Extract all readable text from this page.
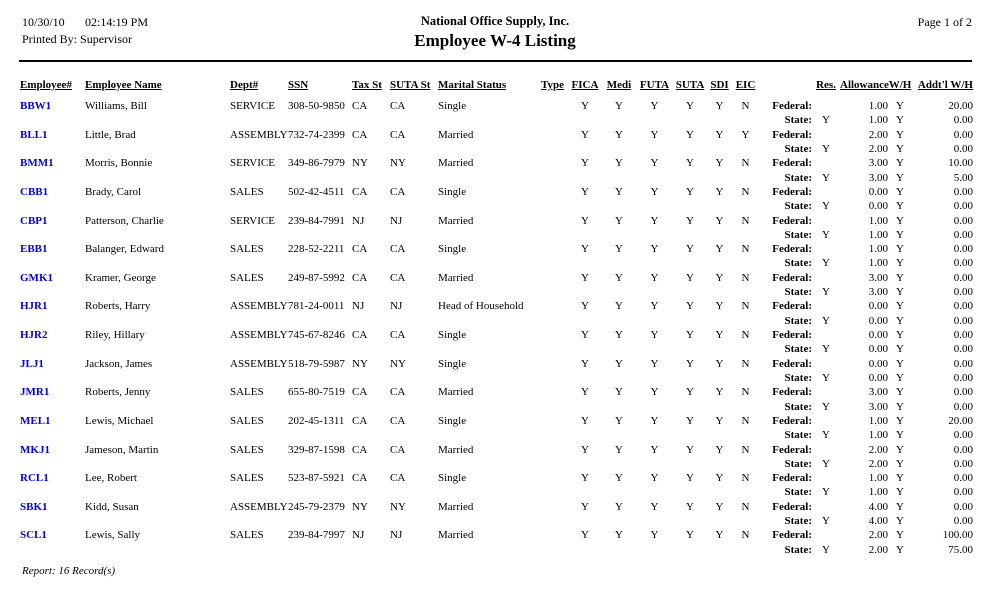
10/30/10 02:14:19 PM
Printed By: Supervisor
National Office Supply, Inc.
Employee W-4 Listing
Page 1 of 2
Employee#	Employee Name	Dept#	SSN	Tax St SUTA St Marital Status	Type FICA Medi FUTA SUTA SDI EIC	Res. Allowance W/H Addt'l W/H
BBW1	Williams, Bill	SERVICE	308-50-9850 CA	CA	Single	Y	Y	Y	Y	Y	N	Federal:	1.00 Y	20.00
State: Y	1.00 Y	0.00
BLL1	Little, Brad	ASSEMBLY 732-74-2399 CA	CA	Married	Y	Y	Y	Y	Y	Y	Federal:	2.00 Y	0.00
State: Y	2.00 Y	0.00
BMM1	Morris, Bonnie	SERVICE	349-86-7979 NY	NY	Married	Y	Y	Y	Y	Y	N	Federal:	3.00 Y	10.00
State: Y	3.00 Y	5.00
CBB1	Brady, Carol	SALES	502-42-4511 CA	CA	Single	Y	Y	Y	Y	Y	N	Federal:	0.00 Y	0.00
State: Y	0.00 Y	0.00
CBP1	Patterson, Charlie	SERVICE	239-84-7991 NJ	NJ	Married	Y	Y	Y	Y	Y	N	Federal:	1.00 Y	0.00
State: Y	1.00 Y	0.00
EBB1	Balanger, Edward	SALES	228-52-2211 CA	CA	Single	Y	Y	Y	Y	Y	N	Federal:	1.00 Y	0.00
State: Y	1.00 Y	0.00
GMK1	Kramer, George	SALES	249-87-5992 CA	CA	Married	Y	Y	Y	Y	Y	N	Federal:	3.00 Y	0.00
State: Y	3.00 Y	0.00
HJR1	Roberts, Harry	ASSEMBLY 781-24-0011 NJ	NJ	Head of Household	Y	Y	Y	Y	Y	N	Federal:	0.00 Y	0.00
State: Y	0.00 Y	0.00
HJR2	Riley, Hillary	ASSEMBLY 745-67-8246 CA	CA	Single	Y	Y	Y	Y	Y	N	Federal:	0.00 Y	0.00
State: Y	0.00 Y	0.00
JLJ1	Jackson, James	ASSEMBLY 518-79-5987 NY	NY	Single	Y	Y	Y	Y	Y	N	Federal:	0.00 Y	0.00
State: Y	0.00 Y	0.00
JMR1	Roberts, Jenny	SALES	655-80-7519 CA	CA	Married	Y	Y	Y	Y	Y	N	Federal:	3.00 Y	0.00
State: Y	3.00 Y	0.00
MEL1	Lewis, Michael	SALES	202-45-1311 CA	CA	Single	Y	Y	Y	Y	Y	N	Federal:	1.00 Y	20.00
State: Y	1.00 Y	0.00
MKJ1	Jameson, Martin	SALES	329-87-1598 CA	CA	Married	Y	Y	Y	Y	Y	N	Federal:	2.00 Y	0.00
State: Y	2.00 Y	0.00
RCL1	Lee, Robert	SALES	523-87-5921 CA	CA	Single	Y	Y	Y	Y	Y	N	Federal:	1.00 Y	0.00
State: Y	1.00 Y	0.00
SBK1	Kidd, Susan	ASSEMBLY 245-79-2379 NY	NY	Married	Y	Y	Y	Y	Y	N	Federal:	4.00 Y	0.00
State: Y	4.00 Y	0.00
SCL1	Lewis, Sally	SALES	239-84-7997 NJ	NJ	Married	Y	Y	Y	Y	Y	N	Federal:	2.00 Y	100.00
State: Y	2.00 Y	75.00
Report: 16 Record(s)
